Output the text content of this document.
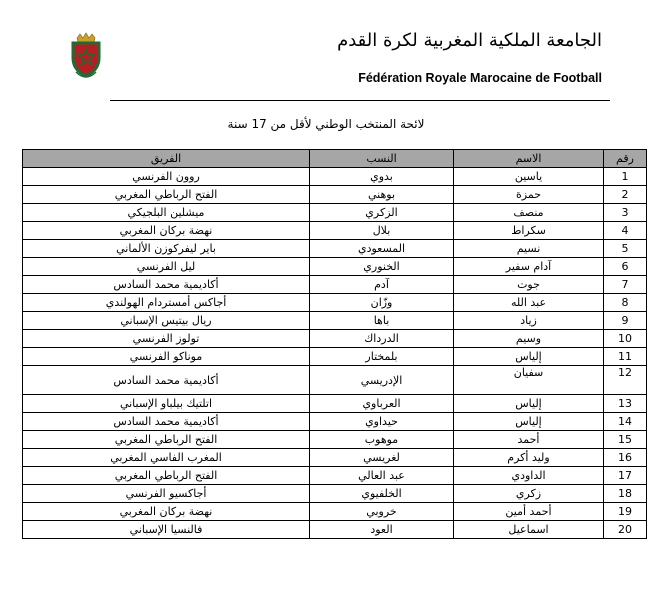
الجامعة الملكية المغربية لكرة القدم
Fédération Royale Marocaine de Football
لائحة المنتخب الوطني لأقل من 17 سنة
رقم	الاسم	النسب	الفريق
1	ياسين	بدوي	روون الفرنسي
2	حمزة	بوهني	الفتح الرباطي المغربي
3	منصف	الزكري	ميشلين البلجيكي
4	سكراط	بلال	نهضة بركان المغربي
5	نسيم	المسعودي	باير ليفركوزن الألماني
6	آدام سفير	الخنوري	ليل الفرنسي
7	جوت	آدم	أكاديمية محمد السادس
8	عبد الله	وزّان	أجاكس أمستردام الهولندي
9	زياد	باها	ريال بيتيس الإسباني
10	وسيم	الدرداك	تولوز الفرنسي
11	إلياس	بلمختار	موناكو الفرنسي
12	سفيان	الإدريسي	أكاديمية محمد السادس
13	إلياس	العرباوي	اتلتيك بيلباو الإسباني
14	إلياس	حيداوي	أكاديمية محمد السادس
15	أحمد	موهوب	الفتح الرباطي المغربي
16	وليد أكرم	لغريسي	المغرب الفاسي المغربي
17	الداودي	عبد العالي	الفتح الرباطي المغربي
18	زكري	الخلفيوي	أجاكسيو الفرنسي
19	أحمد أمين	خروبي	نهضة بركان المغربي
20	اسماعيل	العود	فالنسيا الإسباني
